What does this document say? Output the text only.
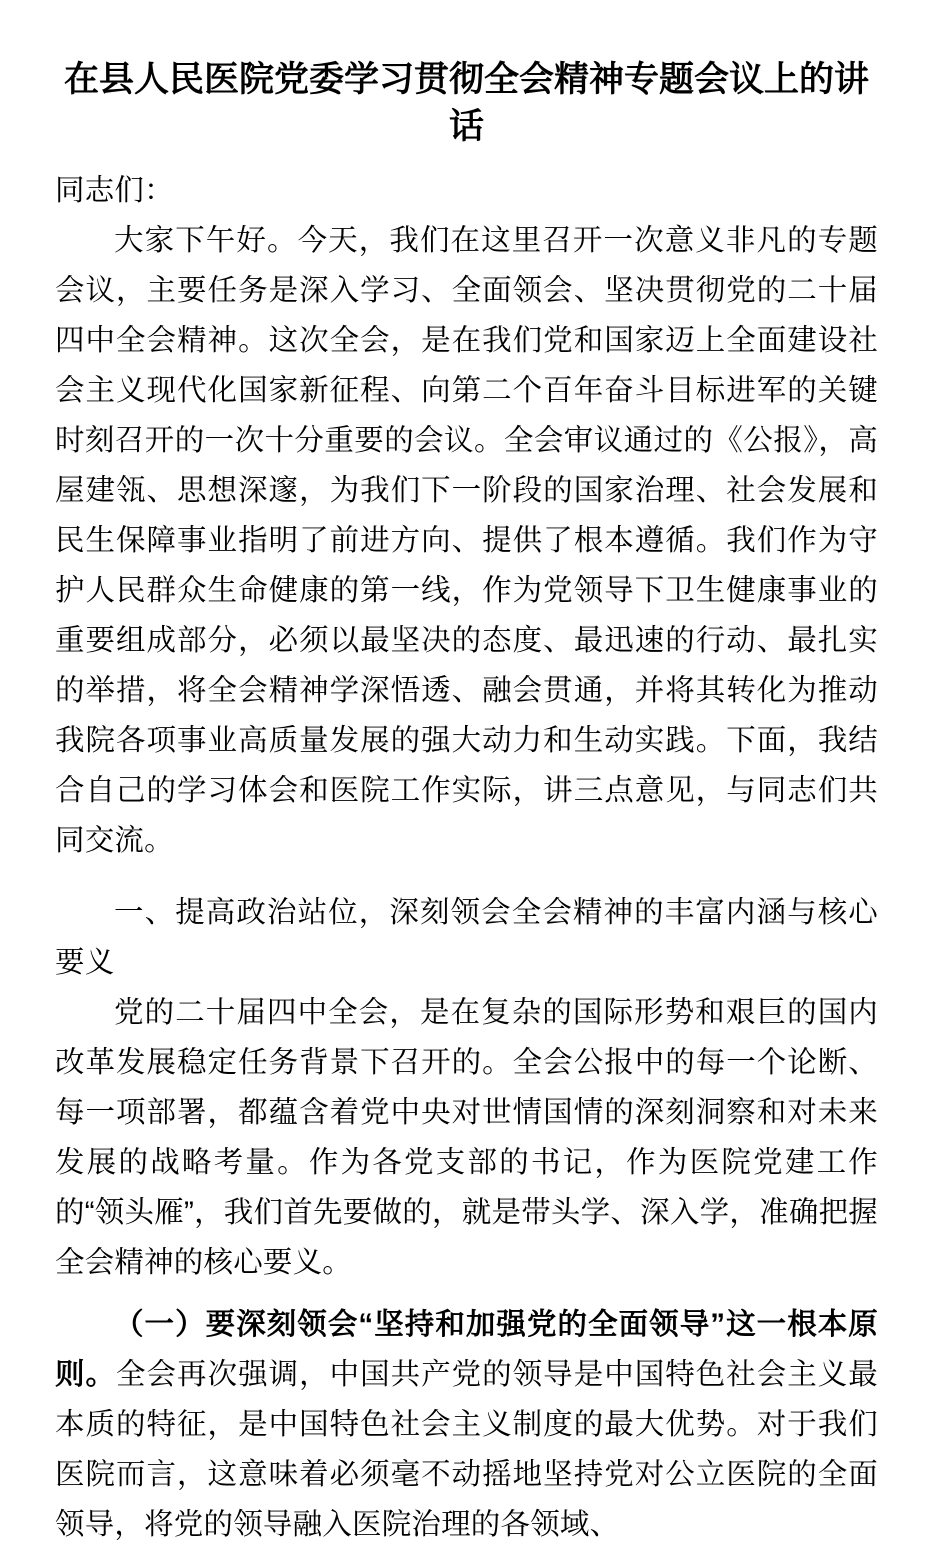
在县人民医院党委学习贯彻全会精神专题会议上的讲话

同志们：

大家下午好。今天，我们在这里召开一次意义非凡的专题会议，主要任务是深入学习、全面领会、坚决贯彻党的二十届四中全会精神。这次全会，是在我们党和国家迈上全面建设社会主义现代化国家新征程、向第二个百年奋斗目标进军的关键时刻召开的一次十分重要的会议。全会审议通过的《公报》，高屋建瓴、思想深邃，为我们下一阶段的国家治理、社会发展和民生保障事业指明了前进方向、提供了根本遵循。我们作为守护人民群众生命健康的第一线，作为党领导下卫生健康事业的重要组成部分，必须以最坚决的态度、最迅速的行动、最扎实的举措，将全会精神学深悟透、融会贯通，并将其转化为推动我院各项事业高质量发展的强大动力和生动实践。下面，我结合自己的学习体会和医院工作实际，讲三点意见，与同志们共同交流。

一、提高政治站位，深刻领会全会精神的丰富内涵与核心要义

党的二十届四中全会，是在复杂的国际形势和艰巨的国内改革发展稳定任务背景下召开的。全会公报中的每一个论断、每一项部署，都蕴含着党中央对世情国情的深刻洞察和对未来发展的战略考量。作为各党支部的书记，作为医院党建工作的“领头雁”，我们首先要做的，就是带头学、深入学，准确把握全会精神的核心要义。

（一）要深刻领会“坚持和加强党的全面领导”这一根本原则。全会再次强调，中国共产党的领导是中国特色社会主义最本质的特征，是中国特色社会主义制度的最大优势。对于我们医院而言，这意味着必须毫不动摇地坚持党对公立医院的全面领导，将党的领导融入医院治理的各领域、
